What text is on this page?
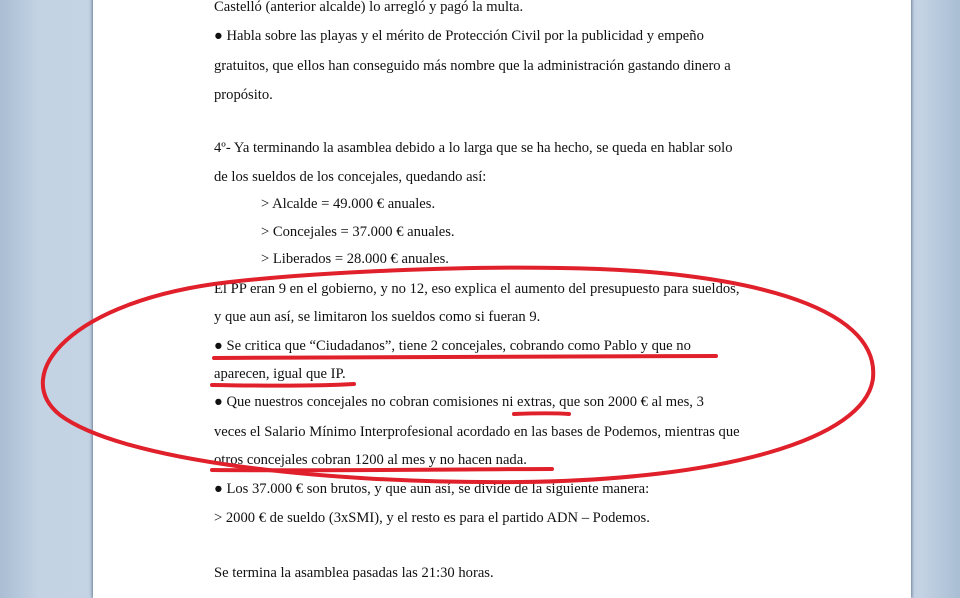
Castelló (anterior alcalde) lo arregló y pagó la multa.

● Habla sobre las playas y el mérito de Protección Civil por la publicidad y empeño

gratuitos, que ellos han conseguido más nombre que la administración gastando dinero a

propósito.

4º- Ya terminando la asamblea debido a lo larga que se ha hecho, se queda en hablar solo

de los sueldos de los concejales, quedando así:

> Alcalde = 49.000 € anuales.

> Concejales = 37.000 € anuales.

> Liberados = 28.000 € anuales.

El PP eran 9 en el gobierno, y no 12, eso explica el aumento del presupuesto para sueldos,

y que aun así, se limitaron los sueldos como si fueran 9.

● Se critica que “Ciudadanos”, tiene 2 concejales, cobrando como Pablo y que no

aparecen, igual que IP.

● Que nuestros concejales no cobran comisiones ni extras, que son 2000 € al mes, 3

veces el Salario Mínimo Interprofesional acordado en las bases de Podemos, mientras que

otros concejales cobran 1200 al mes y no hacen nada.

● Los 37.000 € son brutos, y que aun así, se divide de la siguiente manera:

> 2000 € de sueldo (3xSMI), y el resto es para el partido ADN – Podemos.

Se termina la asamblea pasadas las 21:30 horas.
